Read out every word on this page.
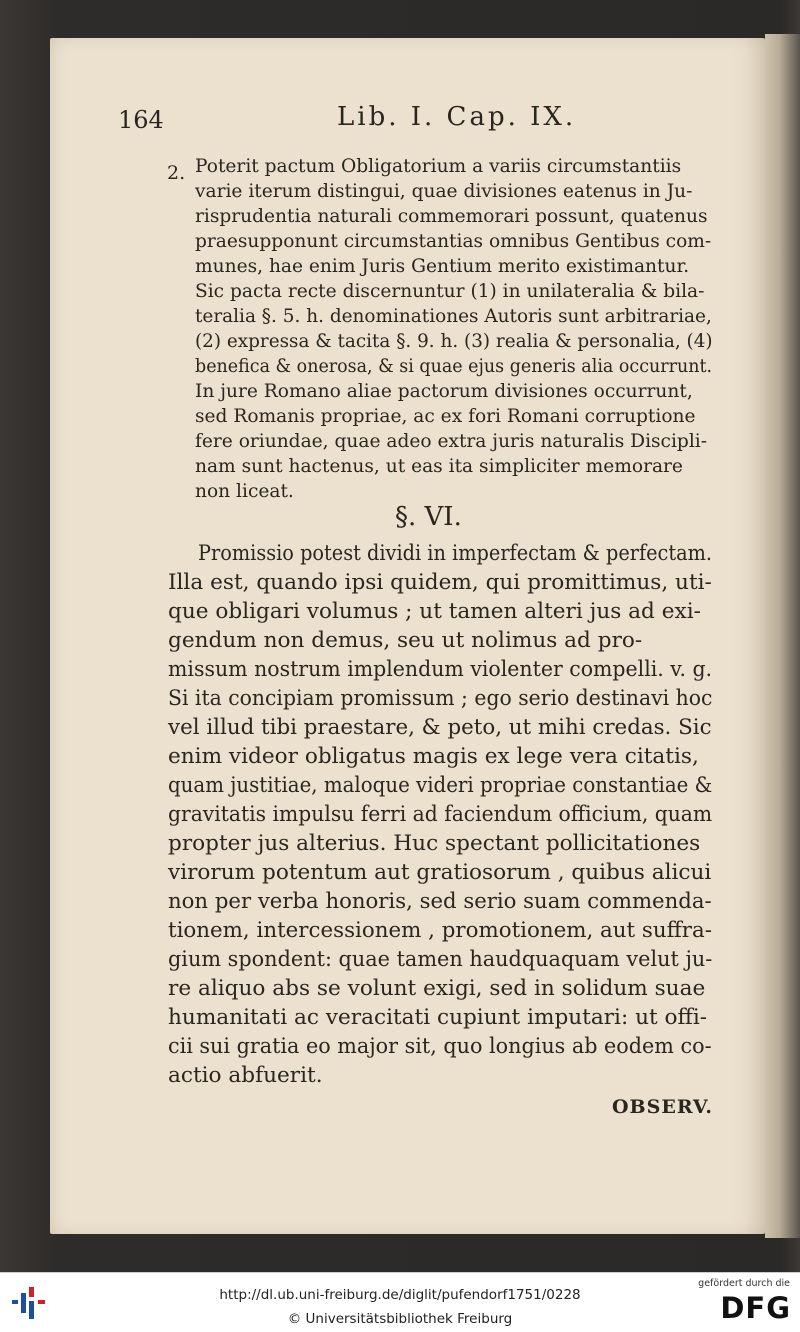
164	Lib. I. Cap. IX.
2. Poterit pactum Obligatorium a variis circumstantiis
varie iterum distingui, quae divisiones eatenus in Ju-
risprudentia naturali commemorari possunt, quatenus
praesupponunt circumstantias omnibus Gentibus com-
munes, hae enim Juris Gentium merito existimantur.
Sic pacta recte discernuntur (1) in unilateralia & bila-
teralia §. 5. h. denominationes Autoris sunt arbitrariae,
(2) expressa & tacita §. 9. h. (3) realia & personalia, (4)
benefica & onerosa, & si quae ejus generis alia occurrunt.
In jure Romano aliae pactorum divisiones occurrunt,
sed Romanis propriae, ac ex fori Romani corruptione
fere oriundae, quae adeo extra juris naturalis Discipli-
nam sunt hactenus, ut eas ita simpliciter memorare
non liceat.
§. VI.
Promissio potest dividi in imperfectam & perfectam.
Illa est, quando ipsi quidem, qui promittimus, uti-
que obligari volumus ; ut tamen alteri jus ad exi-
gendum non demus, seu ut nolimus ad pro-
missum nostrum implendum violenter compelli. v. g.
Si ita concipiam promissum ; ego serio destinavi hoc
vel illud tibi praestare, & peto, ut mihi credas. Sic
enim videor obligatus magis ex lege vera citatis,
quam justitiae, maloque videri propriae constantiae &
gravitatis impulsu ferri ad faciendum officium, quam
propter jus alterius. Huc spectant pollicitationes
virorum potentum aut gratiosorum , quibus alicui
non per verba honoris, sed serio suam commenda-
tionem, intercessionem , promotionem, aut suffra-
gium spondent: quae tamen haudquaquam velut ju-
re aliquo abs se volunt exigi, sed in solidum suae
humanitati ac veracitati cupiunt imputari: ut offi-
cii sui gratia eo major sit, quo longius ab eodem co-
actio abfuerit.
OBSERV.
http://dl.ub.uni-freiburg.de/diglit/pufendorf1751/0228
© Universitätsbibliothek Freiburg
gefördert durch die
DFG
